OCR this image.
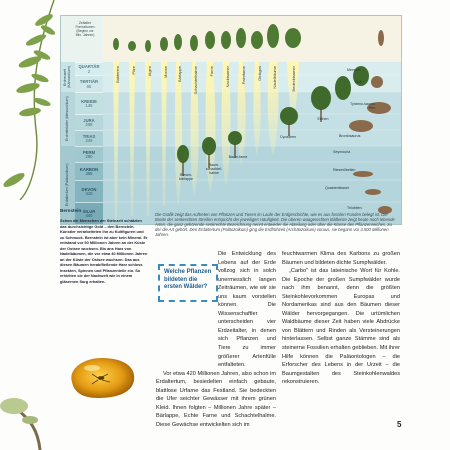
Zeitalter
Formationen
(Beginn vor
Mio. Jahren)
Erdneuzeit (Känozoikum)
Erdmittelalter (Mesozoikum)
Erdaltertum (Paläozoikum)
QUARTÄR
2
TERTIÄR
65
KREIDE
145
JURA
208
TRIAS
245
PERM
290
KARBON
365
DEVON
410
SILUR
440
Bakterien	Pilze	Algen	Moose Bärlappe	Schachtelhalme	Farne	Nacktsamer	Palmfarne	Ginkgos	Nadelbäume	Bedecktsamer
Riesen-bärlappe
Baum-schachtel-halme
Baum-farne
Cycadeen
Eichen
Mensch
Elch
Tyranno-saurus Rex
Brontosaurus
Seymouria
Riesenlibellen
Quastenflosser
Trilobiten
Die Grafik zeigt das Auftreten von Pflanzen und Tieren im Laufe der Erdgeschichte, wie es aus fossilen Funden belegt ist. Die Breite der senkrechten Streifen entspricht der jeweiligen Häufigkeit. Die oberen waagerechten Bildleiste zeigt heute noch lebende Arten, die ganz gehörende senkrechte Bezeichnung nennt entweder die Abteilung oder über die Klasse des Pflanzenreiches, zu der die Art gehört. Den Erdaltertum (Paläozoikum) ging die Erdfrühzeit (Archäozoikum) voraus, sie begann vor 3.500 Millionen Jahren.
Bernstein
Schon die Menschen der Steinzeit schätzten das durchsichtige Gold – den Bernstein. Künstler verarbeiteten ihn zu Kultfiguren und zu Schmuck. Bernstein ist aber kein Mineral. Er entstand vor 50 Millionen Jahren an der Küste der Ostsee wuchsen. Bis ans Harz von Nadelbäumen, die vor etwa 40 Millionen Jahren an der Küste der Ostsee wuchsen. Das aus diesen Bäumen herabfließende Harz schloss Insekten, Spinnen und Pflanzenteile ein. So erhielten sie der Nachwelt wie in einem gläsernen Sarg erhalten.
Welche Pflanzen bildeten die ersten Wälder?

Die Entwicklung des Lebens auf der Erde vollzog sich in solch unermesslich langen Zeiträumen, wie wir sie uns kaum vorstellen können. Die Wissenschaftler unterscheiden vier Erdzeitalter, in denen sich Pflanzen und Tiere zu immer größerer Artenfülle entfalteten.

Vor etwa 420 Millionen Jahren, also schon im Erdaltertum, besiedelten einfach gebaute, blattlose Urfarne das Festland. Sie bedeckten die Ufer seichter Gewässer mit ihrem grünen Kleid. Ihnen folgten – Millionen Jahre später – Bärlappe, Echte Farne und Schachtelhalme. Diese Gewächse entwickelten sich im

feuchtwarmen Klima des Karbons zu großen Bäumen und bildeten dichte Sumpfwälder.

„Carbo" ist das lateinische Wort für Kohle. Die Epoche der großen Sumpfwälder wurde nach ihm benannt, denn die größten Steinkohlevorkommen Europas und Nordamerikas sind aus den Bäumen dieser Wälder hervorgegangen. Die urtümlichen Waldbäume dieser Zeit haben viele Abdrücke von Blättern und Rinden als Versteinerungen hinterlassen. Selbst ganze Stämme sind als steinerne Fossilien erhalten geblieben. Mit ihrer Hilfe können die Paläontologen – die Erforscher des Lebens in der Urzeit – die Baumgestalten des Steinkohlenwaldes rekonstruieren.

5
